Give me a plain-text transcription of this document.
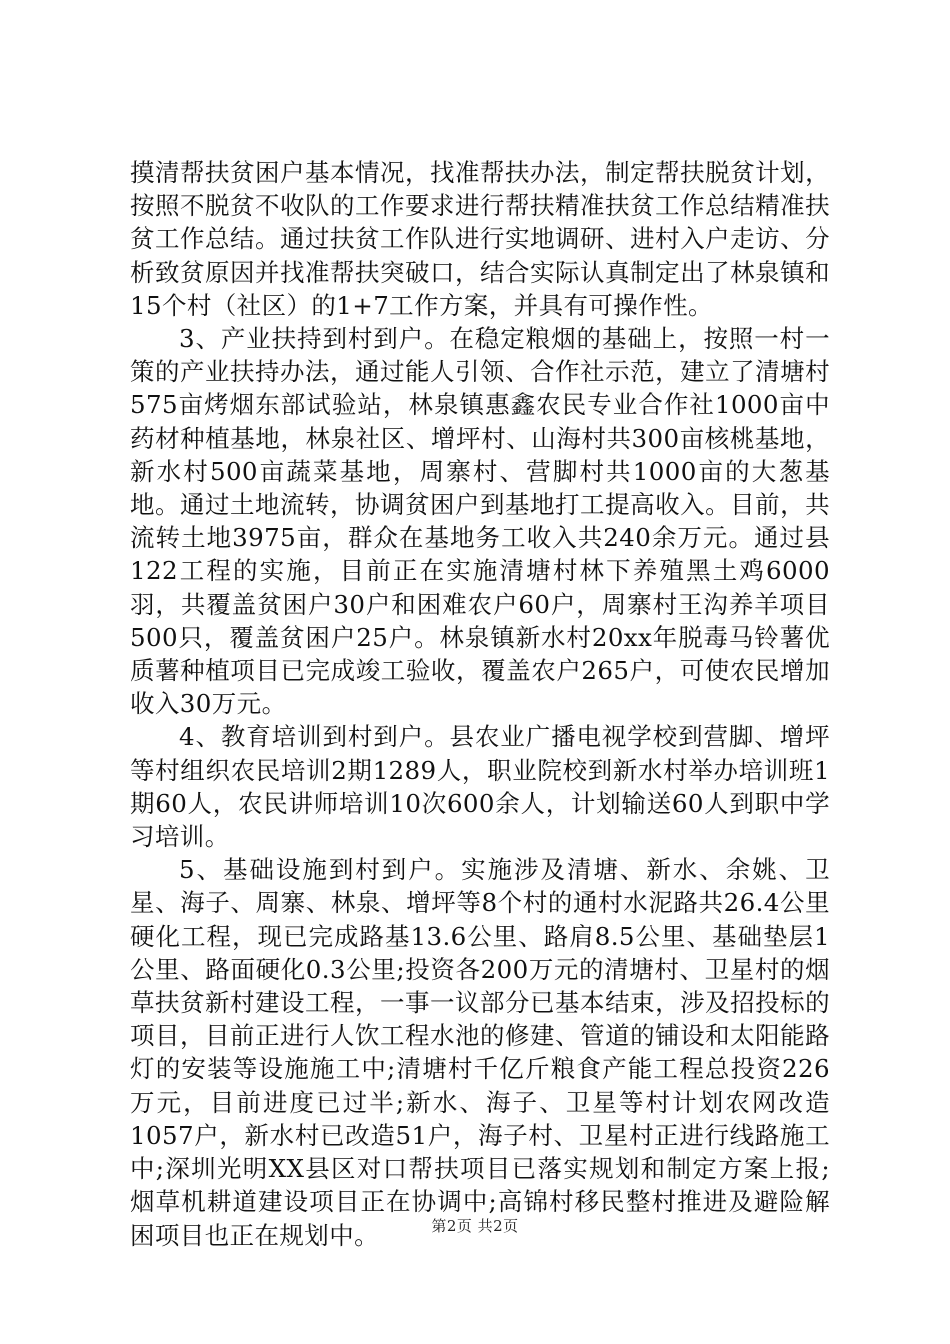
摸清帮扶贫困户基本情况，找准帮扶办法，制定帮扶脱贫计划，按照不脱贫不收队的工作要求进行帮扶精准扶贫工作总结精准扶贫工作总结。通过扶贫工作队进行实地调研、进村入户走访、分析致贫原因并找准帮扶突破口，结合实际认真制定出了林泉镇和15个村（社区）的1+7工作方案，并具有可操作性。

3、产业扶持到村到户。在稳定粮烟的基础上，按照一村一策的产业扶持办法，通过能人引领、合作社示范，建立了清塘村575亩烤烟东部试验站，林泉镇惠鑫农民专业合作社1000亩中药材种植基地，林泉社区、增坪村、山海村共300亩核桃基地，新水村500亩蔬菜基地，周寨村、营脚村共1000亩的大葱基地。通过土地流转，协调贫困户到基地打工提高收入。目前，共流转土地3975亩，群众在基地务工收入共240余万元。通过县122工程的实施，目前正在实施清塘村林下养殖黑土鸡6000羽，共覆盖贫困户30户和困难农户60户，周寨村王沟养羊项目500只，覆盖贫困户25户。林泉镇新水村20xx年脱毒马铃薯优质薯种植项目已完成竣工验收，覆盖农户265户，可使农民增加收入30万元。

4、教育培训到村到户。县农业广播电视学校到营脚、增坪等村组织农民培训2期1289人，职业院校到新水村举办培训班1期60人，农民讲师培训10次600余人，计划输送60人到职中学习培训。

5、基础设施到村到户。实施涉及清塘、新水、余姚、卫星、海子、周寨、林泉、增坪等8个村的通村水泥路共26.4公里硬化工程，现已完成路基13.6公里、路肩8.5公里、基础垫层1公里、路面硬化0.3公里;投资各200万元的清塘村、卫星村的烟草扶贫新村建设工程，一事一议部分已基本结束，涉及招投标的项目，目前正进行人饮工程水池的修建、管道的铺设和太阳能路灯的安装等设施施工中;清塘村千亿斤粮食产能工程总投资226万元，目前进度已过半;新水、海子、卫星等村计划农网改造1057户，新水村已改造51户，海子村、卫星村正进行线路施工中;深圳光明XX县区对口帮扶项目已落实规划和制定方案上报;烟草机耕道建设项目正在协调中;高锦村移民整村推进及避险解困项目也正在规划中。	第2页 共2页
